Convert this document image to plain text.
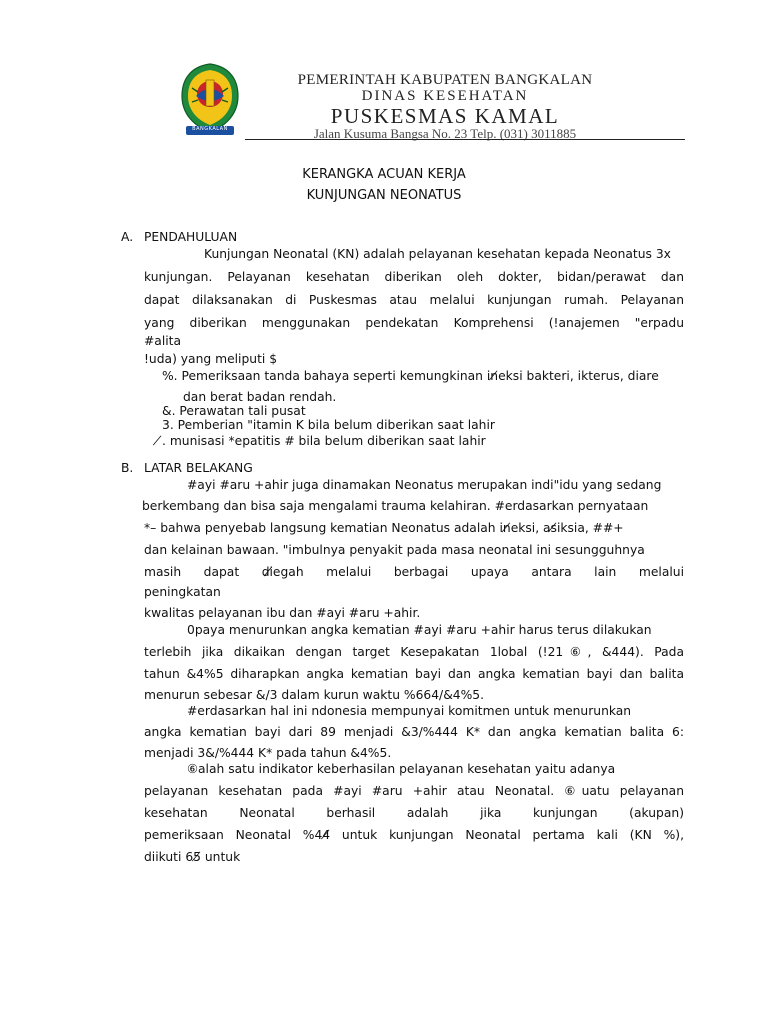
BANGKALAN
PEMERINTAH KABUPATEN BANGKALAN
DINAS KESEHATAN
PUSKESMAS KAMAL
Jalan Kusuma Bangsa No. 23 Telp. (031) 3011885
KERANGKA ACUAN KERJA
KUNJUNGAN NEONATUS
A. PENDAHULUAN
Kunjungan Neonatal (KN) adalah pelayanan kesehatan kepada Neonatus 3x
kunjungan. Pelayanan kesehatan diberikan oleh dokter, bidan/perawat dan
dapat dilaksanakan di Puskesmas atau melalui kunjungan rumah. Pelayanan
yang diberikan menggunakan pendekatan Komprehensi (!anajemen "erpadu
#alita
!uda) yang meliputi $
%. Pemeriksaan tanda bahaya seperti kemungkinan in̸eksi bakteri, ikterus, diare
dan berat badan rendah.
&. Perawatan tali pusat
3. Pemberian "itamin K bila belum diberikan saat lahir
̸. munisasi *epatitis # bila belum diberikan saat lahir
B. LATAR BELAKANG
#ayi #aru +ahir juga dinamakan Neonatus merupakan indi"idu yang sedang
berkembang dan bisa saja mengalami trauma kelahiran. #erdasarkan pernyataan
*– bahwa penyebab langsung kematian Neonatus adalah in̸eksi, as̸iksia, ##+
dan kelainan bawaan. "imbulnya penyakit pada masa neonatal ini sesungguhnya
masih dapat di̸egah melalui berbagai upaya antara lain melalui
peningkatan
kwalitas pelayanan ibu dan #ayi #aru +ahir.
0paya menurunkan angka kematian #ayi #aru +ahir harus terus dilakukan
terlebih jika dikaikan dengan target Kesepakatan 1lobal (!21⑥, &444). Pada
tahun &4%5 diharapkan angka kematian bayi dan angka kematian bayi dan balita
menurun sebesar &/3 dalam kurun waktu %664/&4%5.
#erdasarkan hal ini ndonesia mempunyai komitmen untuk menurunkan
angka kematian bayi dari 89 menjadi &3/%444 K* dan angka kematian balita 6:
menjadi 3&/%444 K* pada tahun &4%5.
⑥alah satu indikator keberhasilan pelayanan kesehatan yaitu adanya
pelayanan kesehatan pada #ayi #aru +ahir atau Neonatal. ⑥uatu pelayanan
kesehatan Neonatal berhasil adalah jika kunjungan (akupan)
pemeriksaan Neonatal %44̸ untuk kunjungan Neonatal pertama kali (KN %),
diikuti 65̸ untuk
